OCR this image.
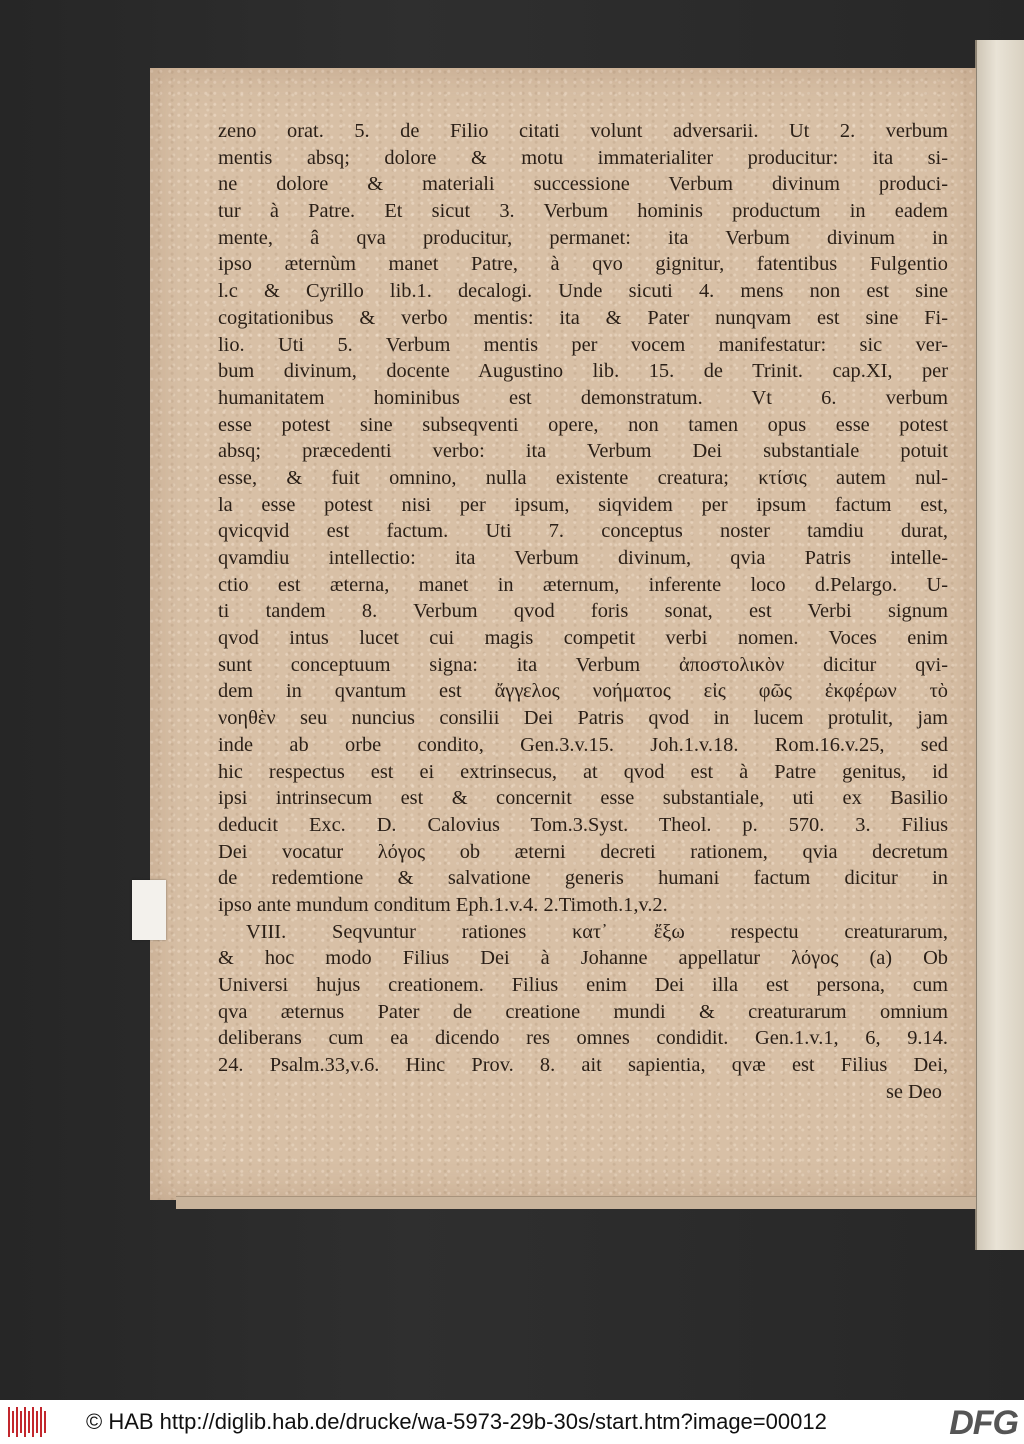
zeno orat. 5. de Filio citati volunt adversarii. Ut 2. verbum
mentis absq; dolore & motu immaterialiter producitur: ita si-
ne dolore & materiali successione Verbum divinum produci-
tur à Patre. Et sicut 3. Verbum hominis productum in eadem
mente, â qva producitur, permanet: ita Verbum divinum in
ipso æternùm manet Patre, à qvo gignitur, fatentibus Fulgentio
l.c & Cyrillo lib.1. decalogi. Unde sicuti 4. mens non est sine
cogitationibus & verbo mentis: ita & Pater nunqvam est sine Fi-
lio. Uti 5. Verbum mentis per vocem manifestatur: sic ver-
bum divinum, docente Augustino lib. 15. de Trinit. cap.XI, per
humanitatem hominibus est demonstratum. Vt 6. verbum
esse potest sine subseqventi opere, non tamen opus esse potest
absq; præcedenti verbo: ita Verbum Dei substantiale potuit
esse, & fuit omnino, nulla existente creatura; κτίσις autem nul-
la esse potest nisi per ipsum, siqvidem per ipsum factum est,
qvicqvid est factum. Uti 7. conceptus noster tamdiu durat,
qvamdiu intellectio: ita Verbum divinum, qvia Patris intelle-
ctio est æterna, manet in æternum, inferente loco d.Pelargo. U-
ti tandem 8. Verbum qvod foris sonat, est Verbi signum
qvod intus lucet cui magis competit verbi nomen. Voces enim
sunt conceptuum signa: ita Verbum ἀποστολικὸν dicitur qvi-
dem in qvantum est ἄγγελος νοήματος εἰς φῶς ἐκφέρων τὸ
νοηθὲν seu nuncius consilii Dei Patris qvod in lucem protulit, jam
inde ab orbe condito, Gen.3.v.15. Joh.1.v.18. Rom.16.v.25, sed
hic respectus est ei extrinsecus, at qvod est à Patre genitus, id
ipsi intrinsecum est & concernit esse substantiale, uti ex Basilio
deducit Exc. D. Calovius Tom.3.Syst. Theol. p. 570. 3. Filius
Dei vocatur λόγος ob æterni decreti rationem, qvia decretum
de redemtione & salvatione generis humani factum dicitur in
ipso ante mundum conditum Eph.1.v.4. 2.Timoth.1,v.2.
VIII. Seqvuntur rationes κατ᾽ ἔξω respectu creaturarum,
& hoc modo Filius Dei à Johanne appellatur λόγος (a) Ob
Universi hujus creationem. Filius enim Dei illa est persona, cum
qva æternus Pater de creatione mundi & creaturarum omnium
deliberans cum ea dicendo res omnes condidit. Gen.1.v.1, 6, 9.14.
24. Psalm.33,v.6. Hinc Prov. 8. ait sapientia, qvæ est Filius Dei,
se Deo
© HAB http://diglib.hab.de/drucke/wa-5973-29b-30s/start.htm?image=00012	DFG
